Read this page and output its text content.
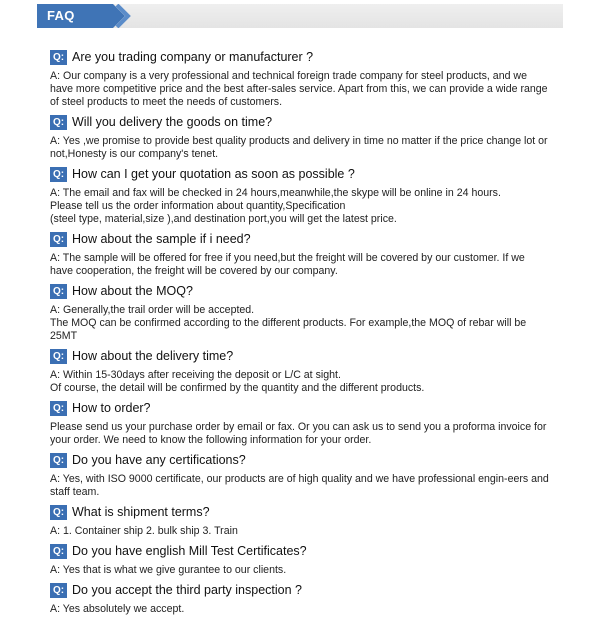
FAQ
Q: Are you trading company or manufacturer ?

A: Our company is a very professional and technical foreign trade company for steel products, and we have more competitive price and the best after-sales service. Apart from this, we can provide a wide range of steel products to meet the needs of customers.

Q: Will you delivery the goods on time?

A: Yes ,we promise to provide best quality products and delivery in time no matter if the price change lot or not,Honesty is our company's tenet.

Q: How can I get your quotation as soon as possible ?

A: The email and fax will be checked in 24 hours,meanwhile,the skype will be online in 24 hours.

Please tell us the order information about quantity,Specification

(steel type, material,size ),and destination port,you will get the latest price.

Q: How about the sample if i need?

A: The sample will be offered for free if you need,but the freight will be covered by our customer. If we have cooperation, the freight will be covered by our company.

Q: How about the MOQ?

A: Generally,the trail order will be accepted.

The MOQ can be confirmed according to the different products. For example,the MOQ of rebar will be 25MT

Q: How about the delivery time?

A: Within 15-30days after receiving the deposit or L/C at sight.

Of course, the detail will be confirmed by the quantity and the different products.

Q: How to order?

Please send us your purchase order by email or fax. Or you can ask us to send you a proforma invoice for your order. We need to know the following information for your order.

Q: Do you have any certifications?

A: Yes, with ISO 9000 certificate, our products are of high quality and we have professional engin-eers and staff team.

Q: What is shipment terms?

A: 1. Container ship 2. bulk ship 3. Train

Q: Do you have english Mill Test Certificates?

A: Yes that is what we give gurantee to our clients.

Q: Do you accept the third party inspection ?

A: Yes absolutely we accept.
